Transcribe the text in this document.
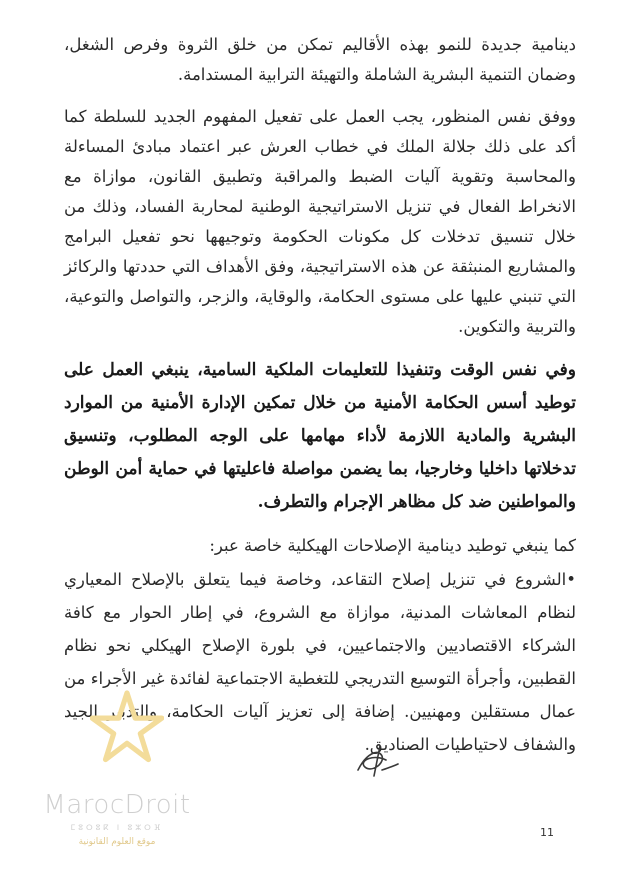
دينامية جديدة للنمو بهذه الأقاليم تمكن من خلق الثروة وفرص الشغل، وضمان التنمية البشرية الشاملة والتهيئة الترابية المستدامة.

ووفق نفس المنظور، يجب العمل على تفعيل المفهوم الجديد للسلطة كما أكد على ذلك جلالة الملك في خطاب العرش عبر اعتماد مبادئ المساءلة والمحاسبة وتقوية آليات الضبط والمراقبة وتطبيق القانون، موازاة مع الانخراط الفعال في تنزيل الاستراتيجية الوطنية لمحاربة الفساد، وذلك من خلال تنسيق تدخلات كل مكونات الحكومة وتوجيهها نحو تفعيل البرامج والمشاريع المنبثقة عن هذه الاستراتيجية، وفق الأهداف التي حددتها والركائز التي تنبني عليها على مستوى الحكامة، والوقاية، والزجر، والتواصل والتوعية، والتربية والتكوين.

وفي نفس الوقت وتنفيذا للتعليمات الملكية السامية، ينبغي العمل على توطيد أسس الحكامة الأمنية من خلال تمكين الإدارة الأمنية من الموارد البشرية والمادية اللازمة لأداء مهامها على الوجه المطلوب، وتنسيق تدخلاتها داخليا وخارجيا، بما يضمن مواصلة فاعليتها في حماية أمن الوطن والمواطنين ضد كل مظاهر الإجرام والتطرف.

كما ينبغي توطيد دينامية الإصلاحات الهيكلية خاصة عبر:

•الشروع في تنزيل إصلاح التقاعد، وخاصة فيما يتعلق بالإصلاح المعياري لنظام المعاشات المدنية، موازاة مع الشروع، في إطار الحوار مع كافة الشركاء الاقتصاديين والاجتماعيين، في بلورة الإصلاح الهيكلي نحو نظام القطبين، وأجرأة التوسيع التدريجي للتغطية الاجتماعية لفائدة غير الأجراء من عمال مستقلين ومهنيين. إضافة إلى تعزيز آليات الحكامة، والتدبير الجيد والشفاف لاحتياطيات الصناديق.

MarocDroit
ⵎⵓⵔⵓⴽ ⵏ ⵓⵣⵔⴼ
موقع العلوم القانونية
11
